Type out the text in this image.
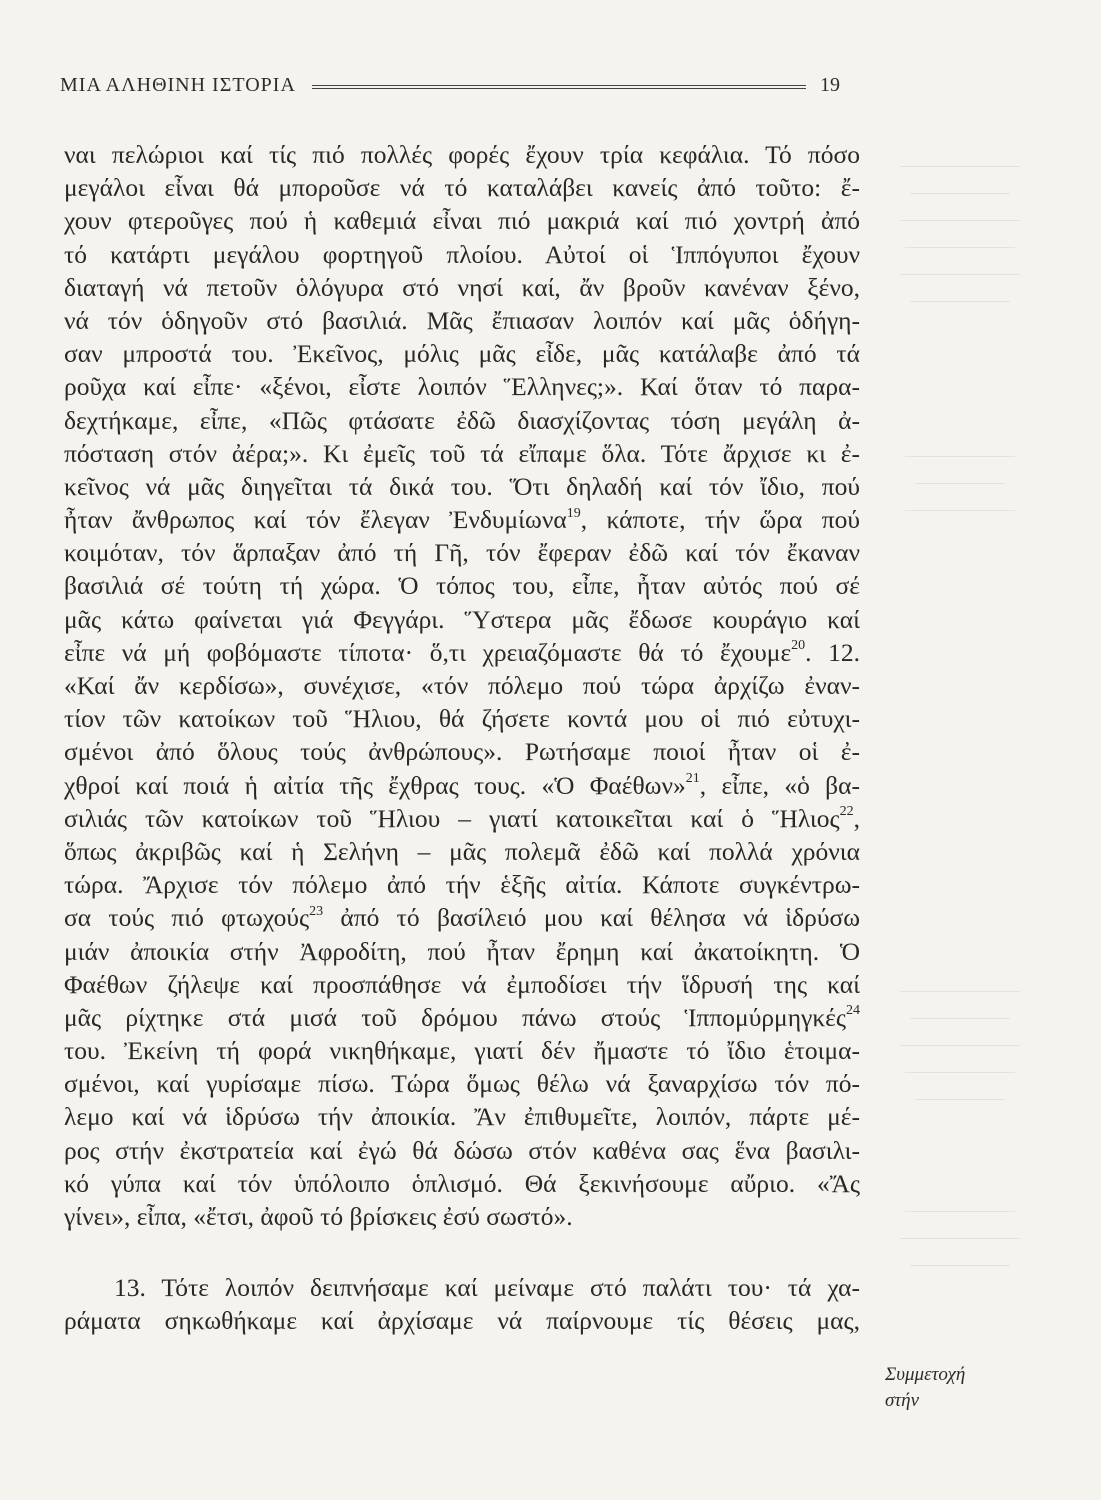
ΜΙΑ ΑΛΗΘΙΝΗ ΙΣΤΟΡΙΑ	19
ναι πελώριοι καί τίς πιό πολλές φορές ἔχουν τρία κεφάλια. Τό πόσο
μεγάλοι εἶναι θά μποροῦσε νά τό καταλάβει κανείς ἀπό τοῦτο: ἔ-
χουν φτεροῦγες πού ἡ καθεμιά εἶναι πιό μακριά καί πιό χοντρή ἀπό
τό κατάρτι μεγάλου φορτηγοῦ πλοίου. Αὐτοί οἱ Ἱππόγυποι ἔχουν
διαταγή νά πετοῦν ὁλόγυρα στό νησί καί, ἄν βροῦν κανέναν ξένο,
νά τόν ὁδηγοῦν στό βασιλιά. Μᾶς ἔπιασαν λοιπόν καί μᾶς ὁδήγη-
σαν μπροστά του. Ἐκεῖνος, μόλις μᾶς εἶδε, μᾶς κατάλαβε ἀπό τά
ροῦχα καί εἶπε· «ξένοι, εἶστε λοιπόν Ἕλληνες;». Καί ὅταν τό παρα-
δεχτήκαμε, εἶπε, «Πῶς φτάσατε ἐδῶ διασχίζοντας τόση μεγάλη ἀ-
πόσταση στόν ἀέρα;». Κι ἐμεῖς τοῦ τά εἴπαμε ὅλα. Τότε ἄρχισε κι ἐ-
κεῖνος νά μᾶς διηγεῖται τά δικά του. Ὅτι δηλαδή καί τόν ἴδιο, πού
ἦταν ἄνθρωπος καί τόν ἔλεγαν Ἐνδυμίωνα$^{19}$, κάποτε, τήν ὥρα πού
κοιμόταν, τόν ἅρπαξαν ἀπό τή Γῆ, τόν ἔφεραν ἐδῶ καί τόν ἔκαναν
βασιλιά σέ τούτη τή χώρα. Ὁ τόπος του, εἶπε, ἦταν αὐτός πού σέ
μᾶς κάτω φαίνεται γιά Φεγγάρι. Ὕστερα μᾶς ἔδωσε κουράγιο καί
εἶπε νά μή φοβόμαστε τίποτα· ὅ,τι χρειαζόμαστε θά τό ἔχουμε$^{20}$. 12.
«Καί ἄν κερδίσω», συνέχισε, «τόν πόλεμο πού τώρα ἀρχίζω ἐναν-
τίον τῶν κατοίκων τοῦ Ἥλιου, θά ζήσετε κοντά μου οἱ πιό εὐτυχι-
σμένοι ἀπό ὅλους τούς ἀνθρώπους». Ρωτήσαμε ποιοί ἦταν οἱ ἐ-
χθροί καί ποιά ἡ αἰτία τῆς ἔχθρας τους. «Ὁ Φαέθων»$^{21}$, εἶπε, «ὁ βα-
σιλιάς τῶν κατοίκων τοῦ Ἥλιου – γιατί κατοικεῖται καί ὁ Ἥλιος$^{22}$,
ὅπως ἀκριβῶς καί ἡ Σελήνη – μᾶς πολεμᾶ ἐδῶ καί πολλά χρόνια
τώρα. Ἄρχισε τόν πόλεμο ἀπό τήν ἑξῆς αἰτία. Κάποτε συγκέντρω-
σα τούς πιό φτωχούς$^{23}$ ἀπό τό βασίλειό μου καί θέλησα νά ἱδρύσω
μιάν ἀποικία στήν Ἀφροδίτη, πού ἦταν ἔρημη καί ἀκατοίκητη. Ὁ
Φαέθων ζήλεψε καί προσπάθησε νά ἐμποδίσει τήν ἵδρυσή της καί
μᾶς ρίχτηκε στά μισά τοῦ δρόμου πάνω στούς Ἱππομύρμηγκές$^{24}$
του. Ἐκείνη τή φορά νικηθήκαμε, γιατί δέν ἤμαστε τό ἴδιο ἑτοιμα-
σμένοι, καί γυρίσαμε πίσω. Τώρα ὅμως θέλω νά ξαναρχίσω τόν πό-
λεμο καί νά ἱδρύσω τήν ἀποικία. Ἄν ἐπιθυμεῖτε, λοιπόν, πάρτε μέ-
ρος στήν ἐκστρατεία καί ἐγώ θά δώσω στόν καθένα σας ἕνα βασιλι-
κό γύπα καί τόν ὑπόλοιπο ὁπλισμό. Θά ξεκινήσουμε αὔριο. «Ἄς
γίνει», εἶπα, «ἔτσι, ἀφοῦ τό βρίσκεις ἐσύ σωστό».
13. Τότε λοιπόν δειπνήσαμε καί μείναμε στό παλάτι του· τά χα-
ράματα σηκωθήκαμε καί ἀρχίσαμε νά παίρνουμε τίς θέσεις μας,
Συμμετοχή
στήν
